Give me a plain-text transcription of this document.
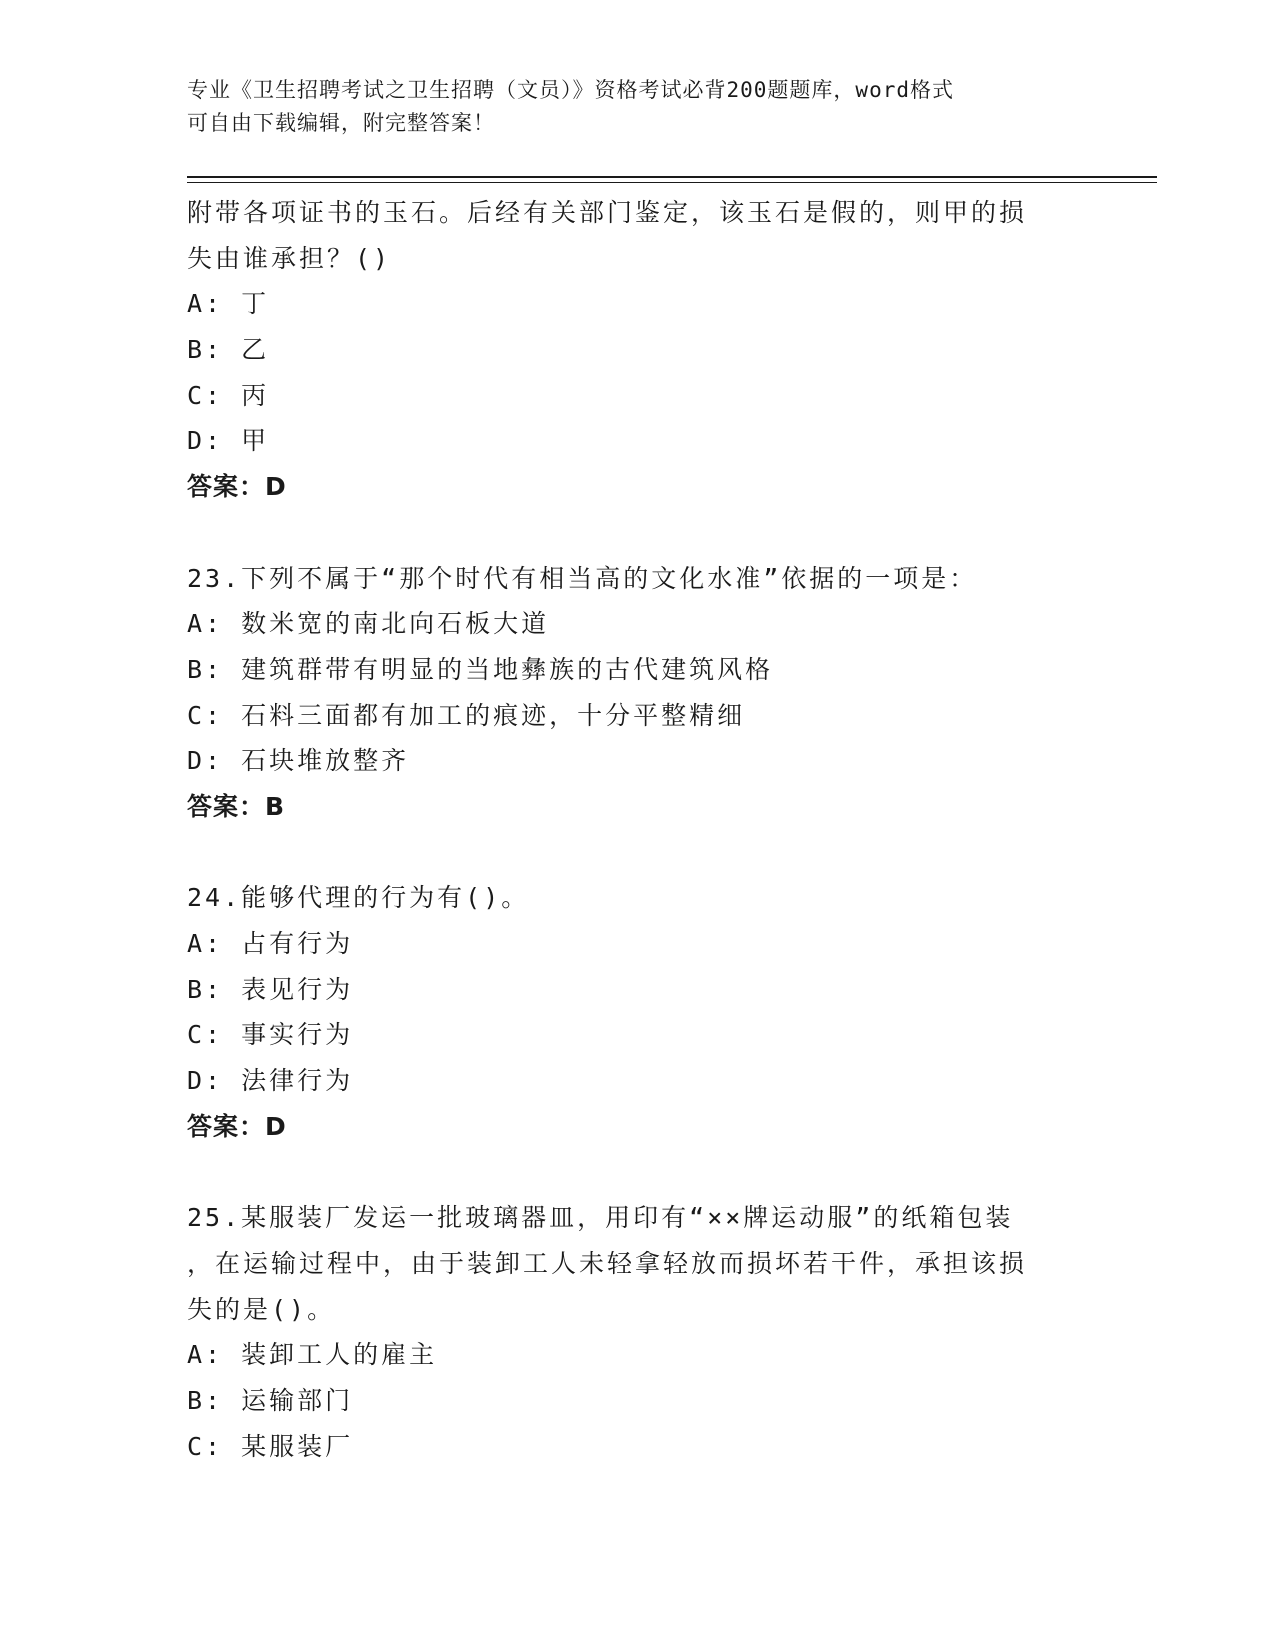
专业《卫生招聘考试之卫生招聘（文员）》资格考试必背200题题库，word格式
可自由下载编辑，附完整答案！
附带各项证书的玉石。后经有关部门鉴定，该玉石是假的，则甲的损
失由谁承担？()
A: 丁
B: 乙
C: 丙
D: 甲
答案：D
23.下列不属于“那个时代有相当高的文化水准”依据的一项是：
A: 数米宽的南北向石板大道
B: 建筑群带有明显的当地彝族的古代建筑风格
C: 石料三面都有加工的痕迹，十分平整精细
D: 石块堆放整齐
答案：B
24.能够代理的行为有()。
A: 占有行为
B: 表见行为
C: 事实行为
D: 法律行为
答案：D
25.某服装厂发运一批玻璃器皿，用印有“××牌运动服”的纸箱包装
，在运输过程中，由于装卸工人未轻拿轻放而损坏若干件，承担该损
失的是()。
A: 装卸工人的雇主
B: 运输部门
C: 某服装厂
